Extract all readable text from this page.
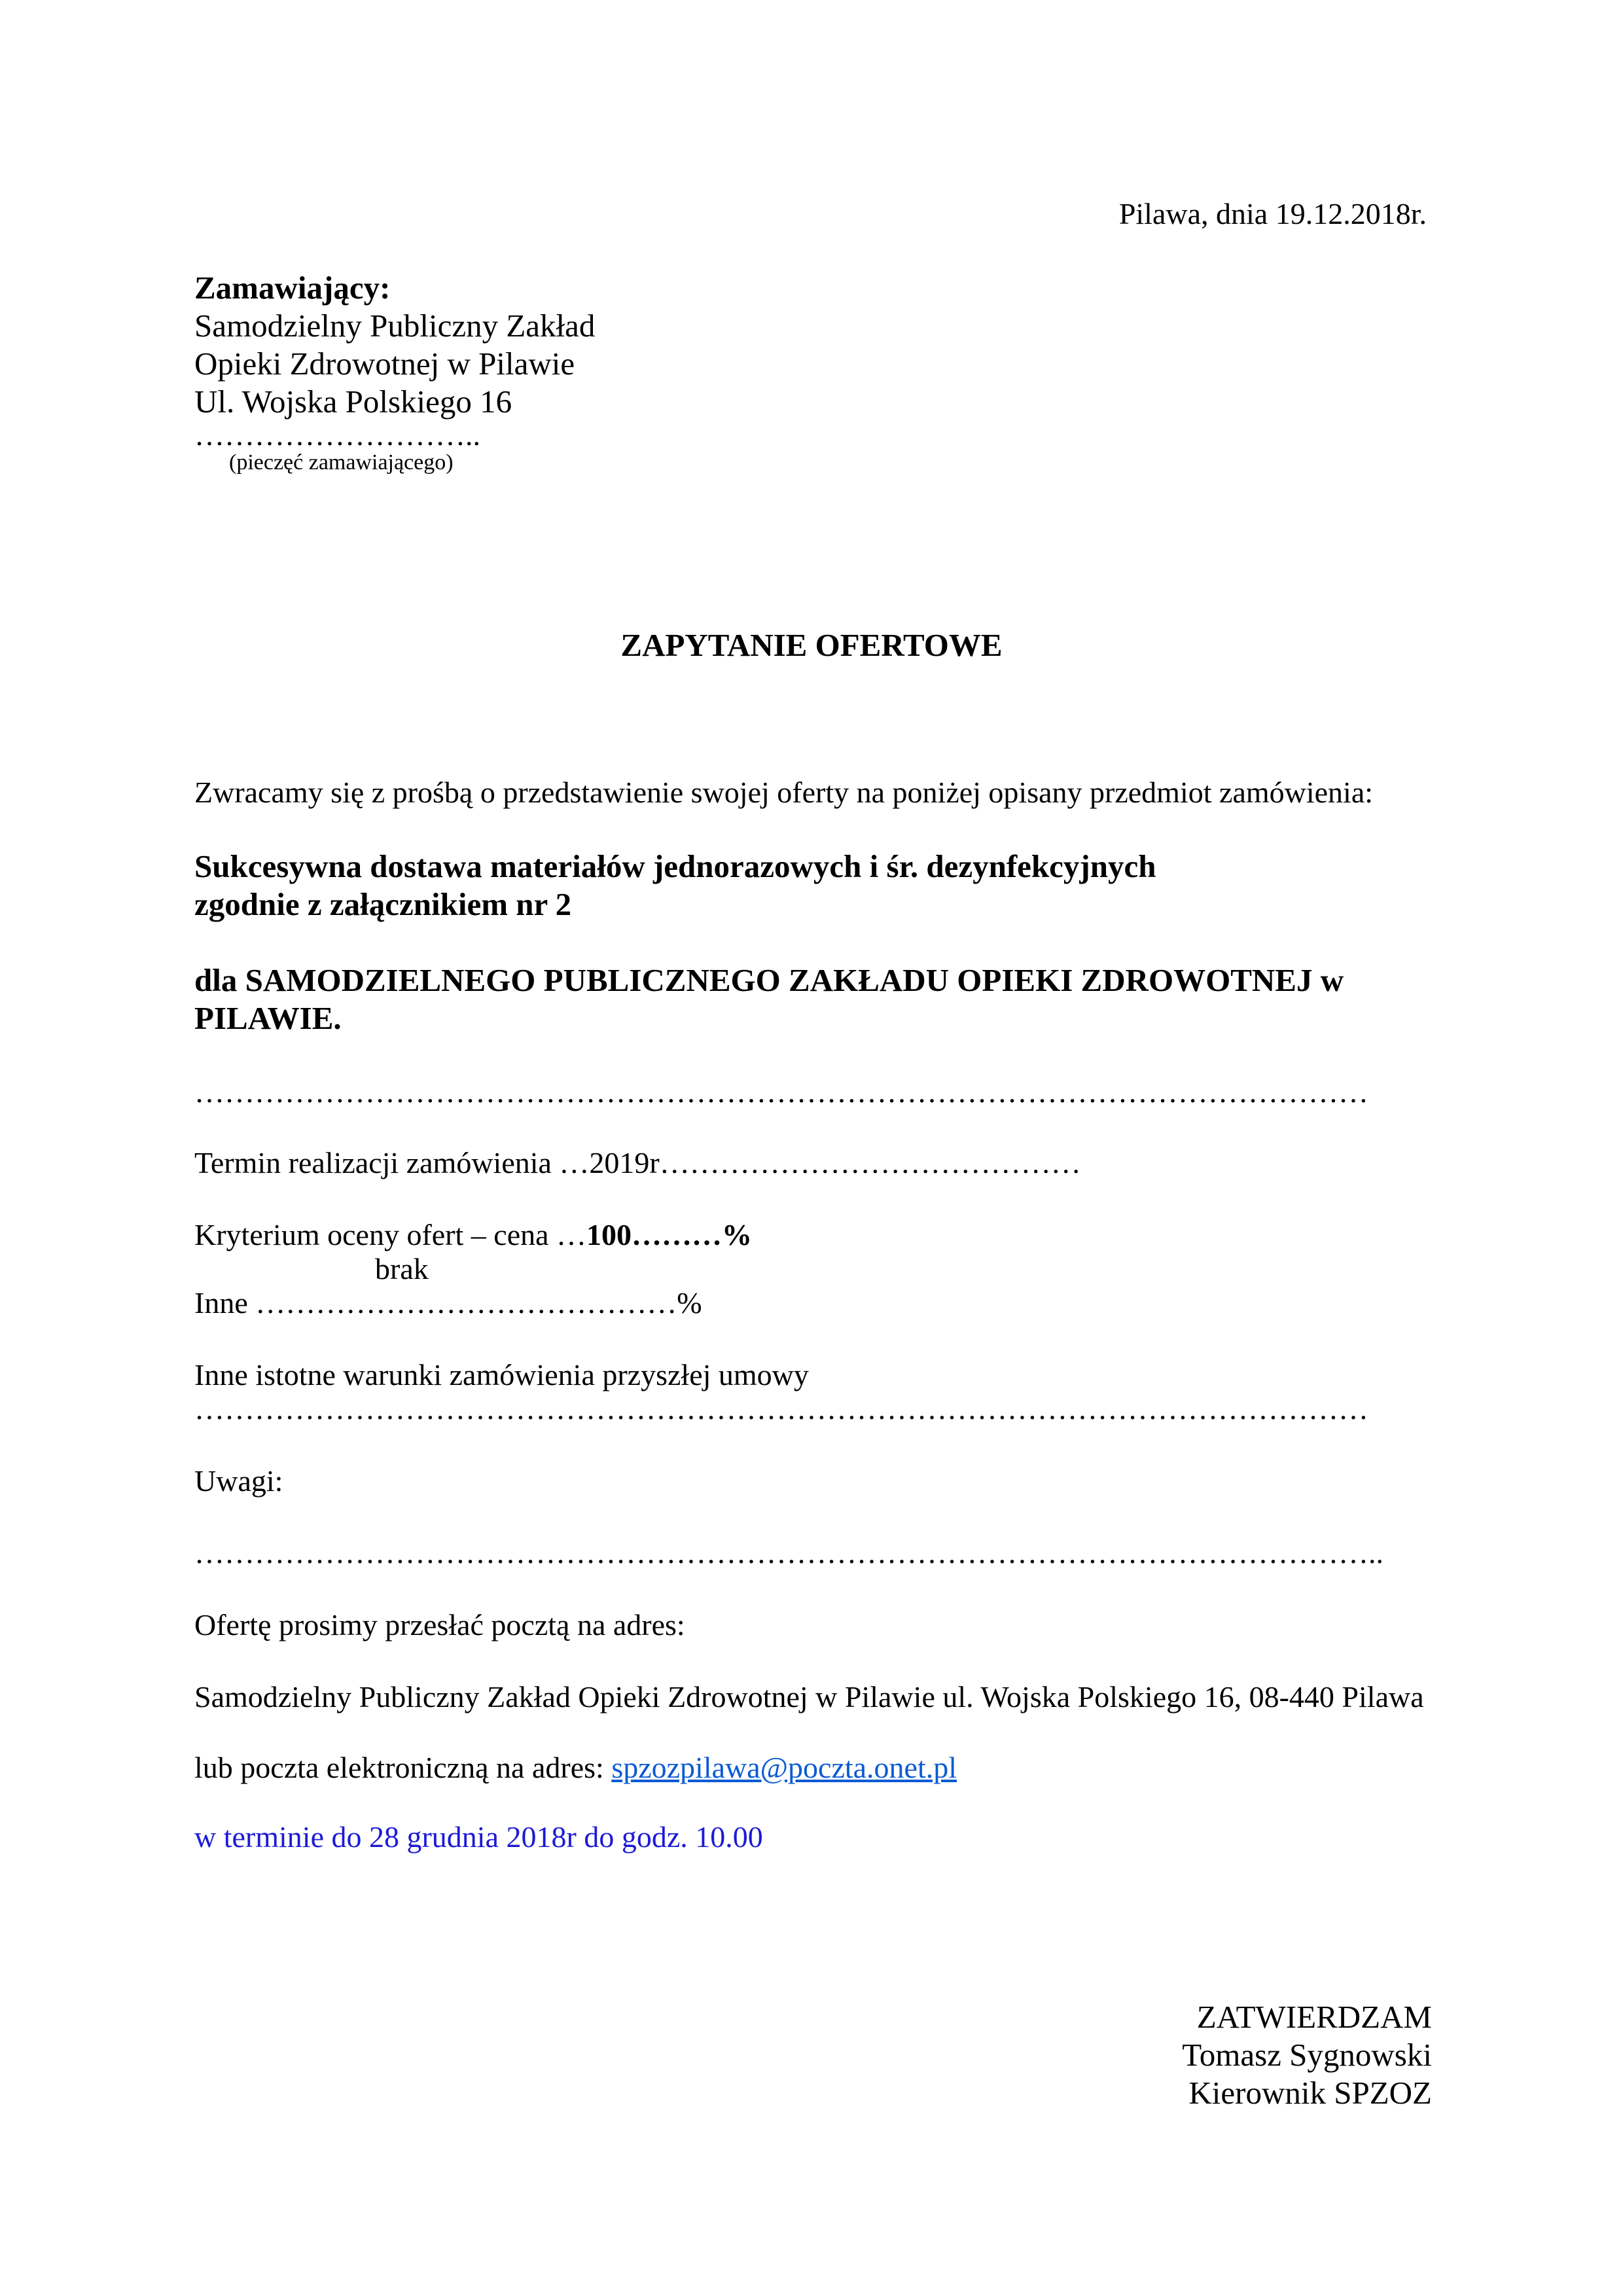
Pilawa, dnia 19.12.2018r.
Zamawiający:
Samodzielny Publiczny Zakład
Opieki Zdrowotnej w Pilawie
Ul. Wojska Polskiego 16
………………………..
(pieczęć zamawiającego)
ZAPYTANIE OFERTOWE
Zwracamy się z prośbą o przedstawienie swojej oferty na poniżej opisany przedmiot zamówienia:
Sukcesywna dostawa materiałów jednorazowych i śr. dezynfekcyjnych
zgodnie z załącznikiem nr 2
dla SAMODZIELNEGO PUBLICZNEGO ZAKŁADU OPIEKI ZDROWOTNEJ w
PILAWIE.
………………………………………………………………………………………………………
Termin realizacji zamówienia …2019r……………………………………
Kryterium oceny ofert – cena …100………%
brak
Inne ……………………………………%
Inne istotne warunki zamówienia przyszłej umowy
………………………………………………………………………………………………………
Uwagi:
………………………………………………………………………………………………………..
Ofertę prosimy przesłać pocztą na adres:
Samodzielny Publiczny Zakład Opieki Zdrowotnej w Pilawie ul. Wojska Polskiego 16, 08-440 Pilawa
lub poczta elektroniczną na adres: spzozpilawa@poczta.onet.pl
w terminie do 28 grudnia 2018r do godz. 10.00
ZATWIERDZAM
Tomasz Sygnowski
Kierownik SPZOZ
